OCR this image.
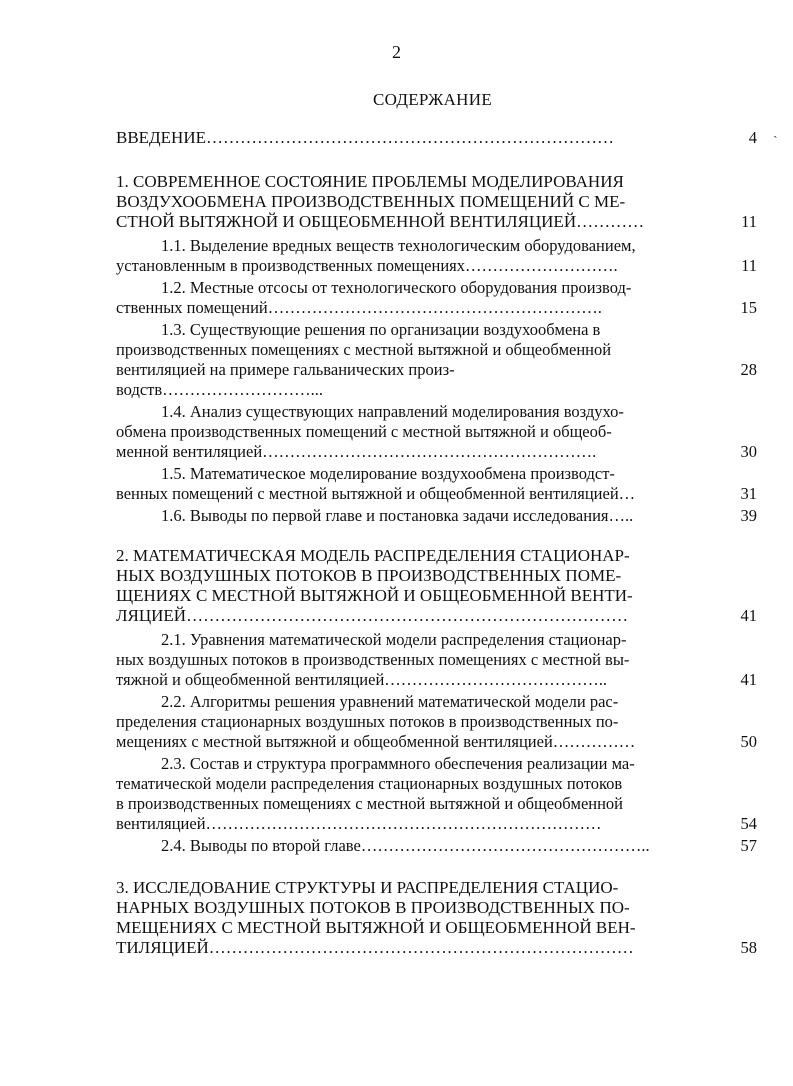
2
СОДЕРЖАНИЕ
ˎ
ВВЕДЕНИЕ………………………………………………………………	4
1. СОВРЕМЕННОЕ СОСТОЯНИЕ ПРОБЛЕМЫ МОДЕЛИРОВАНИЯ
ВОЗДУХООБМЕНА ПРОИЗВОДСТВЕННЫХ ПОМЕЩЕНИЙ С МЕ-
СТНОЙ ВЫТЯЖНОЙ И ОБЩЕОБМЕННОЙ ВЕНТИЛЯЦИЕЙ…………	11
1.1. Выделение вредных веществ технологическим оборудованием,
установленным в производственных помещениях……………………….	11
1.2. Местные отсосы от технологического оборудования производ-
ственных помещений…………………………………………………….	15
1.3. Существующие решения по организации воздухообмена в
производственных помещениях с местной вытяжной и общеобменной
вентиляцией на примере гальванических произ-	28
водств………………………...
1.4. Анализ существующих направлений моделирования воздухо-
обмена производственных помещений с местной вытяжной и общеоб-
менной вентиляцией…………………………………………………….	30
1.5. Математическое моделирование воздухообмена производст-
венных помещений с местной вытяжной и общеобменной вентиляцией…	31
1.6. Выводы по первой главе и постановка задачи исследования…..	39
2. МАТЕМАТИЧЕСКАЯ МОДЕЛЬ РАСПРЕДЕЛЕНИЯ СТАЦИОНАР-
НЫХ ВОЗДУШНЫХ ПОТОКОВ В ПРОИЗВОДСТВЕННЫХ ПОМЕ-
ЩЕНИЯХ С МЕСТНОЙ ВЫТЯЖНОЙ И ОБЩЕОБМЕННОЙ ВЕНТИ-
ЛЯЦИЕЙ……………………………………………………………………	41
2.1. Уравнения математической модели распределения стационар-
ных воздушных потоков в производственных помещениях с местной вы-
тяжной и общеобменной вентиляцией…………………………………..	41
2.2. Алгоритмы решения уравнений математической модели рас-
пределения стационарных воздушных потоков в производственных по-
мещениях с местной вытяжной и общеобменной вентиляцией……………	50
2.3. Состав и структура программного обеспечения реализации ма-
тематической модели распределения стационарных воздушных потоков
в производственных помещениях с местной вытяжной и общеобменной
вентиляцией………………………………………………………………	54
2.4. Выводы по второй главе……………………………………………..	57
3. ИССЛЕДОВАНИЕ СТРУКТУРЫ И РАСПРЕДЕЛЕНИЯ СТАЦИО-
НАРНЫХ ВОЗДУШНЫХ ПОТОКОВ В ПРОИЗВОДСТВЕННЫХ ПО-
МЕЩЕНИЯХ С МЕСТНОЙ ВЫТЯЖНОЙ И ОБЩЕОБМЕННОЙ ВЕН-
ТИЛЯЦИЕЙ…………………………………………………………………	58
